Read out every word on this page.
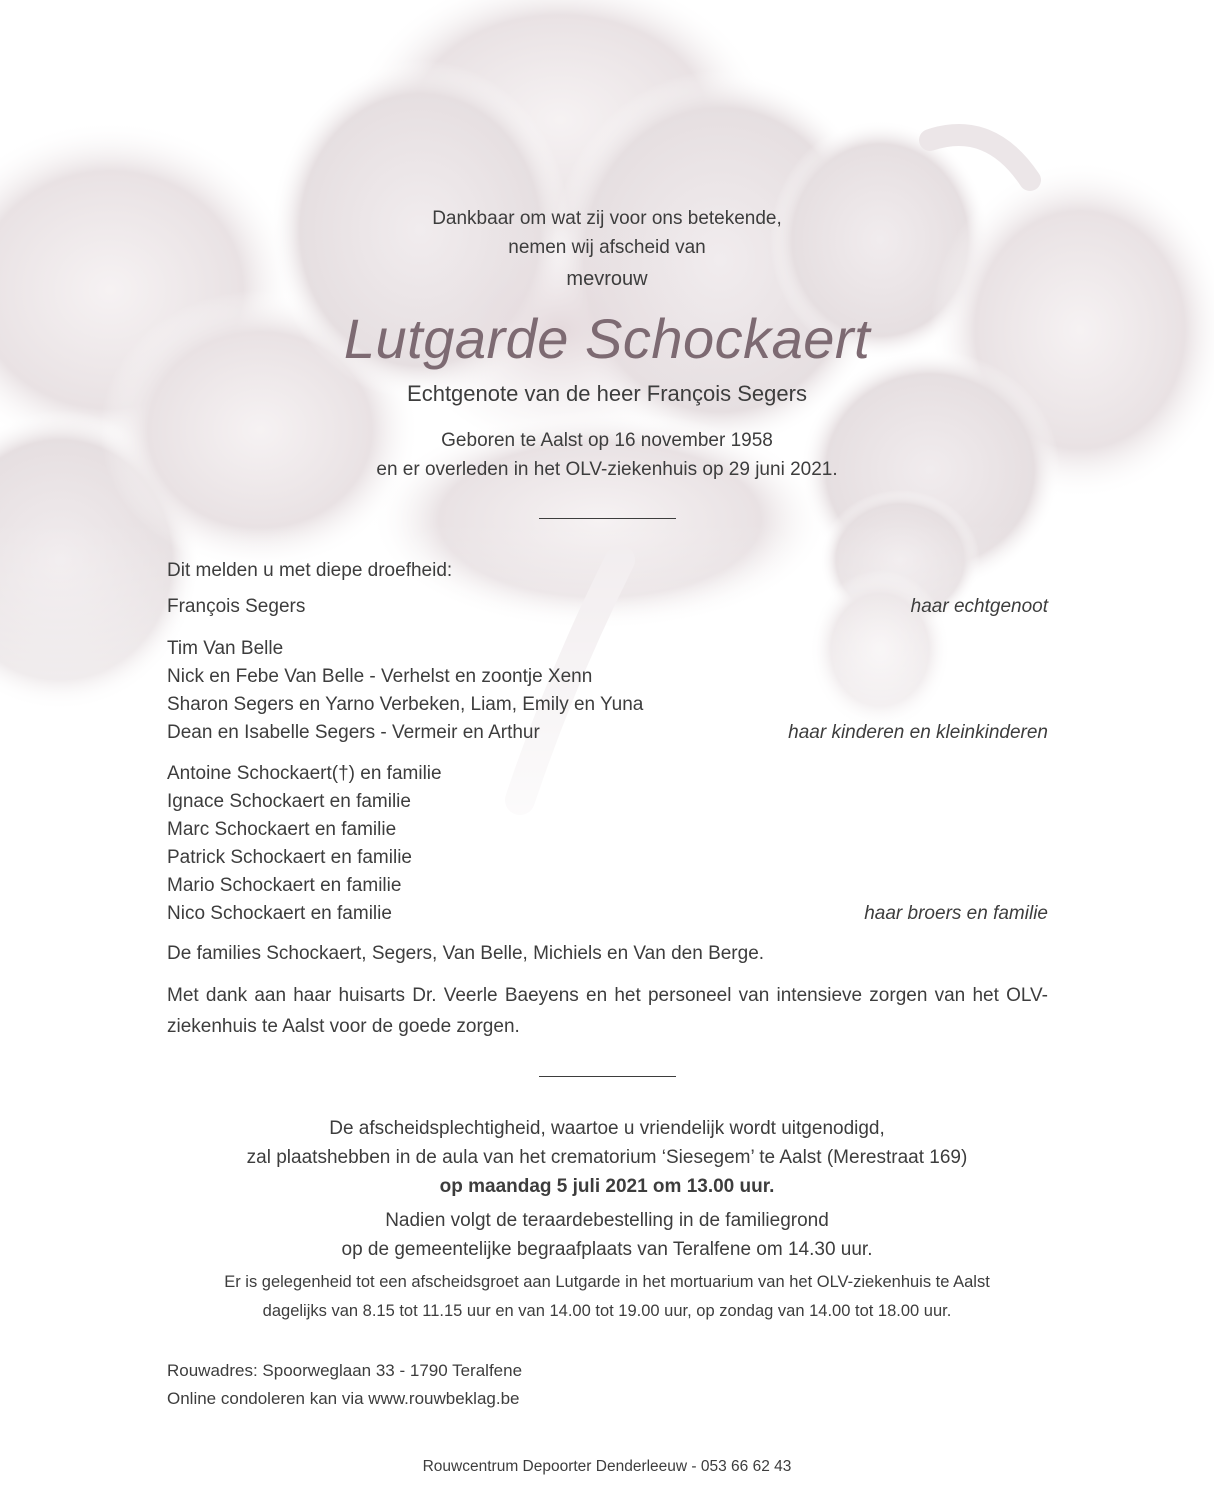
Dankbaar om wat zij voor ons betekende,
nemen wij afscheid van
mevrouw
Lutgarde Schockaert
Echtgenote van de heer François Segers
Geboren te Aalst op 16 november 1958
en er overleden in het OLV-ziekenhuis op 29 juni 2021.
Dit melden u met diepe droefheid:
François Segers	haar echtgenoot
Tim Van Belle
Nick en Febe Van Belle - Verhelst en zoontje Xenn
Sharon Segers en Yarno Verbeken, Liam, Emily en Yuna
Dean en Isabelle Segers - Vermeir en Arthur	haar kinderen en kleinkinderen
Antoine Schockaert(†) en familie
Ignace Schockaert en familie
Marc Schockaert en familie
Patrick Schockaert en familie
Mario Schockaert en familie
Nico Schockaert en familie	haar broers en familie
De families Schockaert, Segers, Van Belle, Michiels en Van den Berge.
Met dank aan haar huisarts Dr. Veerle Baeyens en het personeel van intensieve zorgen van het OLV-ziekenhuis te Aalst voor de goede zorgen.
De afscheidsplechtigheid, waartoe u vriendelijk wordt uitgenodigd,
zal plaatshebben in de aula van het crematorium ‘Siesegem’ te Aalst (Merestraat 169)
op maandag 5 juli 2021 om 13.00 uur.
Nadien volgt de teraardebestelling in de familiegrond
op de gemeentelijke begraafplaats van Teralfene om 14.30 uur.
Er is gelegenheid tot een afscheidsgroet aan Lutgarde in het mortuarium van het OLV-ziekenhuis te Aalst
dagelijks van 8.15 tot 11.15 uur en van 14.00 tot 19.00 uur, op zondag van 14.00 tot 18.00 uur.
Rouwadres: Spoorweglaan 33 - 1790 Teralfene
Online condoleren kan via www.rouwbeklag.be
Rouwcentrum Depoorter Denderleeuw - 053 66 62 43
